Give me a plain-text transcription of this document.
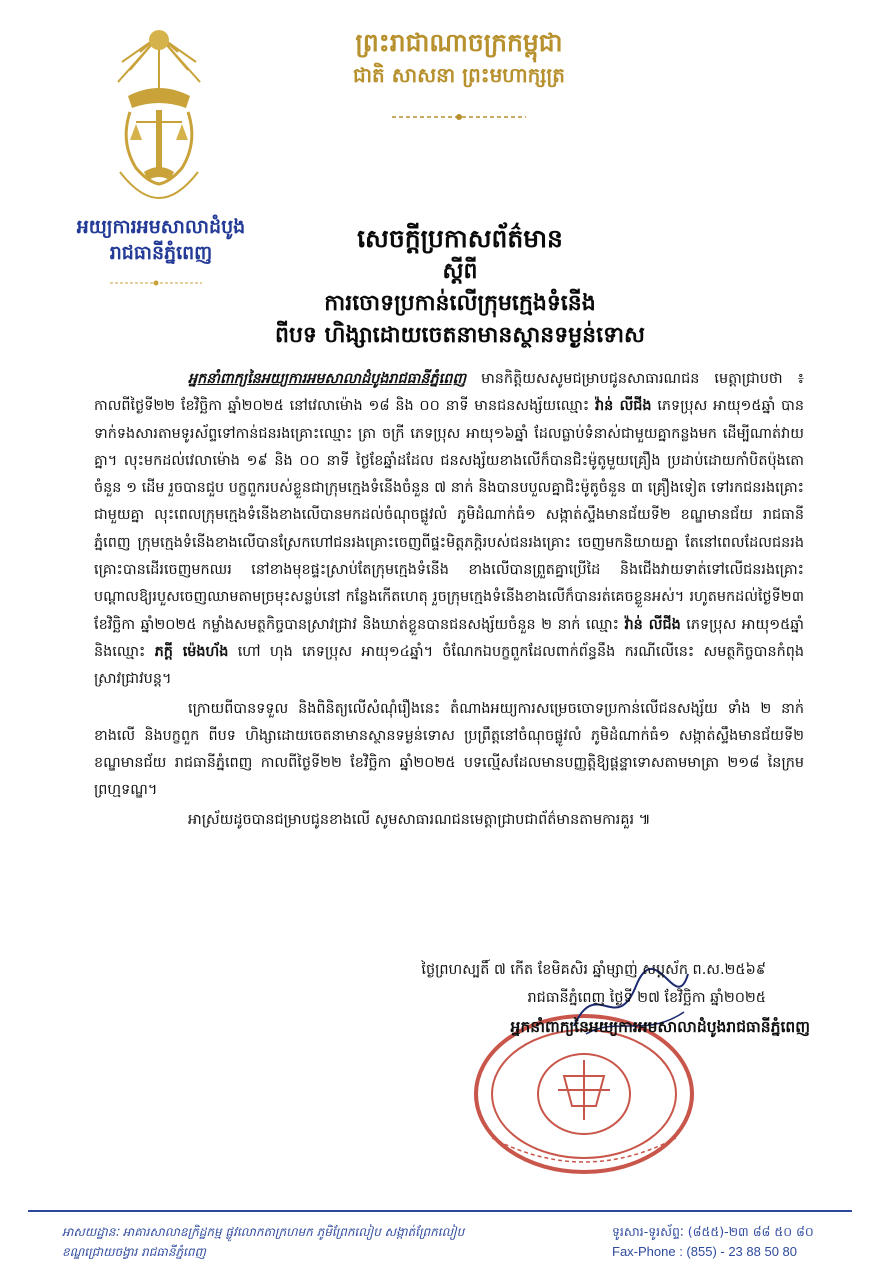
អយ្យការអមសាលាដំបូង
រាជធានីភ្នំពេញ
ព្រះរាជាណាចក្រកម្ពុជា
ជាតិ សាសនា ព្រះមហាក្សត្រ
សេចក្តីប្រកាសព័ត៌មាន
ស្តីពី
ការចោទប្រកាន់លើក្រុមក្មេងទំនើង
ពីបទ ហិង្សាដោយចេតនាមានស្ថានទម្ងន់ទោស

អ្នកនាំពាក្យនៃអយ្យការអមសាលាដំបូងរាជធានីភ្នំពេញ មានកិត្តិយសសូមជម្រាបជូនសាធារណជន មេត្តាជ្រាបថា ៖ កាលពីថ្ងៃទី២២ ខែវិច្ឆិកា ឆ្នាំ២០២៥ នៅវេលាម៉ោង ១៨ និង ០០ នាទី មានជនសង្ស័យឈ្មោះ វ៉ាន់ លីជីង ភេទប្រុស អាយុ១៥ឆ្នាំ បានទាក់ទងសារតាមទូរស័ព្ទទៅកាន់ជនរងគ្រោះឈ្មោះ ត្រា ចក្រី ភេទប្រុស អាយុ១៦ឆ្នាំ ដែលធ្លាប់ទំនាស់ជាមួយគ្នាកន្លងមក ដើម្បីណាត់វាយគ្នា។ លុះមកដល់វេលាម៉ោង ១៩ និង ០០ នាទី ថ្ងៃខែឆ្នាំដដែល ជនសង្ស័យខាងលើក៏បានជិះម៉ូតូមួយគ្រឿង ប្រដាប់ដោយកាំបិតប៉ុងតោចំនួន ១ ដើម រួចបានជួប បក្ខពួករបស់ខ្លួនជាក្រុមក្មេងទំនើងចំនួន ៧ នាក់ និងបានបបួលគ្នាជិះម៉ូតូចំនួន ៣ គ្រឿងទៀត ទៅរកជនរងគ្រោះ ជាមួយគ្នា លុះពេលក្រុមក្មេងទំនើងខាងលើបានមកដល់ចំណុចផ្លូវលំ ភូមិដំណាក់ធំ១ សង្កាត់ស្ទឹងមានជ័យទី២ ខណ្ឌមានជ័យ រាជធានីភ្នំពេញ ក្រុមក្មេងទំនើងខាងលើបានស្រែកហៅជនរងគ្រោះចេញពីផ្ទះមិត្តភក្តិរបស់ជនរងគ្រោះ ចេញមកនិយាយគ្នា តែនៅពេលដែលជនរងគ្រោះបានដើរចេញមកឈរ នៅខាងមុខផ្ទះស្រាប់តែក្រុមក្មេងទំនើង ខាងលើបានព្រួតគ្នាប្រើដៃ និងជើងវាយទាត់ទៅលើជនរងគ្រោះបណ្តាលឱ្យរបួសចេញឈាមតាមច្រមុះសន្លប់នៅ កន្លែងកើតហេតុ រួចក្រុមក្មេងទំនើងខាងលើក៏បានរត់គេចខ្លួនអស់។ រហូតមកដល់ថ្ងៃទី២៣ ខែវិច្ឆិកា ឆ្នាំ២០២៥ កម្លាំងសមត្ថកិច្ចបានស្រាវជ្រាវ និងឃាត់ខ្លួនបានជនសង្ស័យចំនួន ២ នាក់ ឈ្មោះ វ៉ាន់ លីជីង ភេទប្រុស អាយុ១៥ឆ្នាំ និងឈ្មោះ ភក្តី ម៉េងហ័ង ហៅ ហុង ភេទប្រុស អាយុ១៤ឆ្នាំ។ ចំណែកឯបក្ខពួកដែលពាក់ព័ន្ធនឹង ករណីលើនេះ សមត្ថកិច្ចបានកំពុងស្រាវជ្រាវបន្ត។

ក្រោយពីបានទទួល និងពិនិត្យលើសំណុំរឿងនេះ តំណាងអយ្យការសម្រេចចោទប្រកាន់លើជនសង្ស័យ ទាំង ២ នាក់ខាងលើ និងបក្ខពួក ពីបទ ហិង្សាដោយចេតនាមានស្ថានទម្ងន់ទោស ប្រព្រឹត្តនៅចំណុចផ្លូវលំ ភូមិដំណាក់ធំ១ សង្កាត់ស្ទឹងមានជ័យទី២ ខណ្ឌមានជ័យ រាជធានីភ្នំពេញ កាលពីថ្ងៃទី២២ ខែវិច្ឆិកា ឆ្នាំ២០២៥ បទល្មើសដែលមានបញ្ញត្តិឱ្យផ្តន្ទាទោសតាមមាត្រា ២១៨ នៃក្រមព្រហ្មទណ្ឌ។

អាស្រ័យដូចបានជម្រាបជូនខាងលើ សូមសាធារណជនមេត្តាជ្រាបជាព័ត៌មានតាមការគួរ ៕

ថ្ងៃព្រហស្បតិ៍ ៧ កើត ខែមិគសិរ ឆ្នាំម្សាញ់ សប្តស័ក ព.ស.២៥៦៩
រាជធានីភ្នំពេញ ថ្ងៃទី ២៧ ខែវិច្ឆិកា ឆ្នាំ២០២៥
អ្នកនាំពាក្យនៃអយ្យការអមសាលាដំបូងរាជធានីភ្នំពេញ
អាសយដ្ឋានៈ អាគារសាលាឧក្រិដ្ឋកម្ម ផ្លូវលោកតាក្រហមក ភូមិព្រែកលៀប សង្កាត់ព្រែកលៀប
ខណ្ឌជ្រោយចង្វារ រាជធានីភ្នំពេញ
ទូរសារ-ទូរស័ព្ទៈ (៨៥៥)-២៣ ៨៨ ៥០ ៨០
Fax-Phone : (855) - 23 88 50 80
